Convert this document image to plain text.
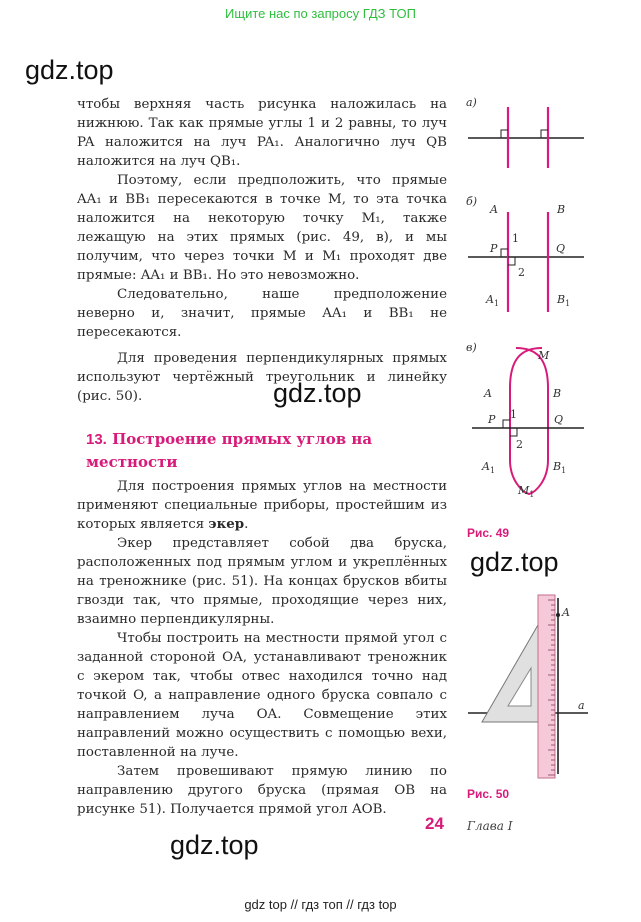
Ищите нас по запросу ГДЗ ТОП
gdz.top
gdz.top
gdz.top
gdz.top

чтобы верхняя часть рисунка наложилась на нижнюю. Так как прямые углы 1 и 2 равны, то луч PA наложится на луч PA₁. Аналогично луч QB наложится на луч QB₁.

Поэтому, если предположить, что прямые AA₁ и BB₁ пересекаются в точке M, то эта точка наложится на некоторую точку M₁, также лежащую на этих прямых (рис. 49, в), и мы получим, что через точки M и M₁ проходят две прямые: AA₁ и BB₁. Но это невозможно.

Следовательно, наше предположение неверно и, значит, прямые AA₁ и BB₁ не пересекаются.

Для проведения перпендикулярных прямых используют чертёжный треугольник и линейку (рис. 50).

13. Построение прямых углов на местности

Для построения прямых углов на местности применяют специальные приборы, простейшим из которых является экер.

Экер представляет собой два бруска, расположенных под прямым углом и укреплённых на треножнике (рис. 51). На концах брусков вбиты гвозди так, что прямые, проходящие через них, взаимно перпендикулярны.

Чтобы построить на местности прямой угол с заданной стороной OA, устанавливают треножник с экером так, чтобы отвес находился точно над точкой O, а направление одного бруска совпало с направлением луча OA. Совмещение этих направлений можно осуществить с помощью вехи, поставленной на луче.

Затем провешивают прямую линию по направлению другого бруска (прямая OB на рисунке 51). Получается прямой угол AOB.

а)
б)
A	B
P
1
2
Q
$A_1$	$B_1$
в)
M
A	B
P 1
2
Q
$A_1$	$B_1$
$M_1$
Рис. 49
A
a
Рис. 50
24 Глава I
gdz top // гдз топ // гдз top
